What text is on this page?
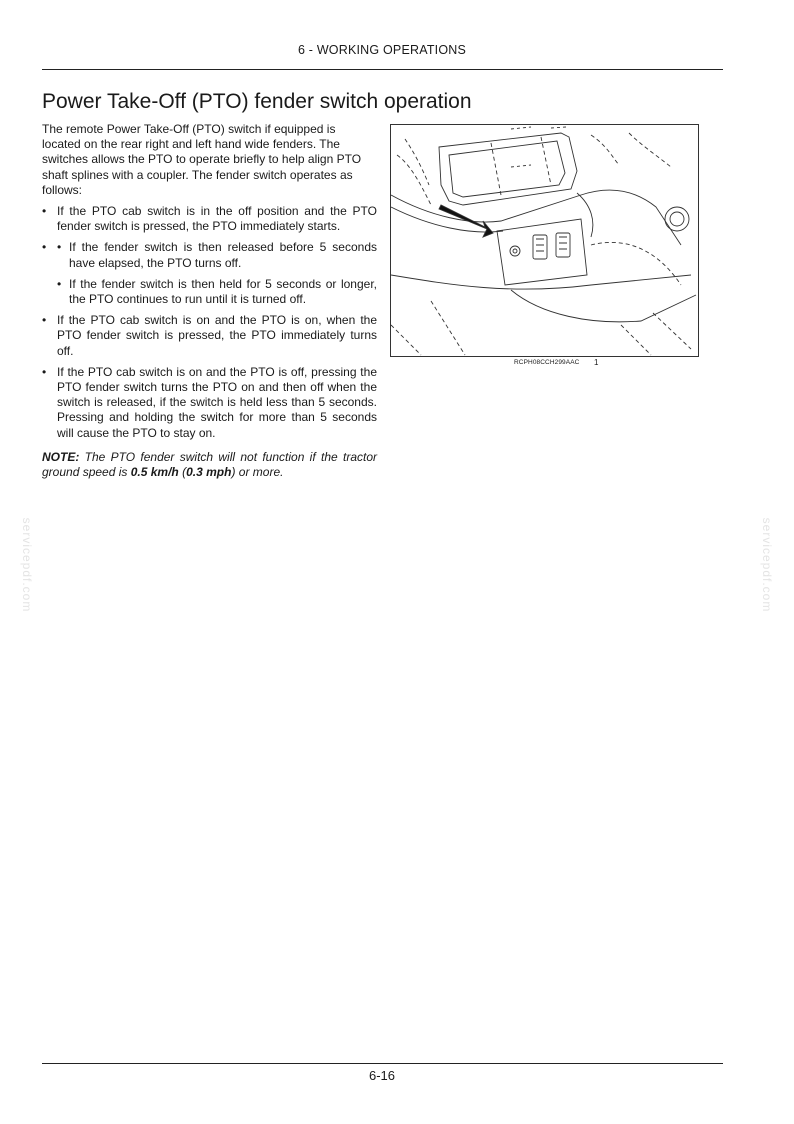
6 - WORKING OPERATIONS
Power Take-Off (PTO) fender switch operation

The remote Power Take-Off (PTO) switch if equipped is located on the rear right and left hand wide fenders. The switches allows the PTO to operate briefly to help align PTO shaft splines with a coupler. The fender switch operates as follows:

• If the PTO cab switch is in the off position and the PTO fender switch is pressed, the PTO immediately starts.
• • If the fender switch is then released before 5 seconds have elapsed, the PTO turns off.
• If the fender switch is then held for 5 seconds or longer, the PTO continues to run until it is turned off.
• If the PTO cab switch is on and the PTO is on, when the PTO fender switch is pressed, the PTO immediately turns off.
• If the PTO cab switch is on and the PTO is off, pressing the PTO fender switch turns the PTO on and then off when the switch is released, if the switch is held less than 5 seconds. Pressing and holding the switch for more than 5 seconds will cause the PTO to stay on.

NOTE: The PTO fender switch will not function if the tractor ground speed is 0.5 km/h (0.3 mph) or more.

RCPH08CCH299AAC 1
servicepdf.com	servicepdf.com
6-16
